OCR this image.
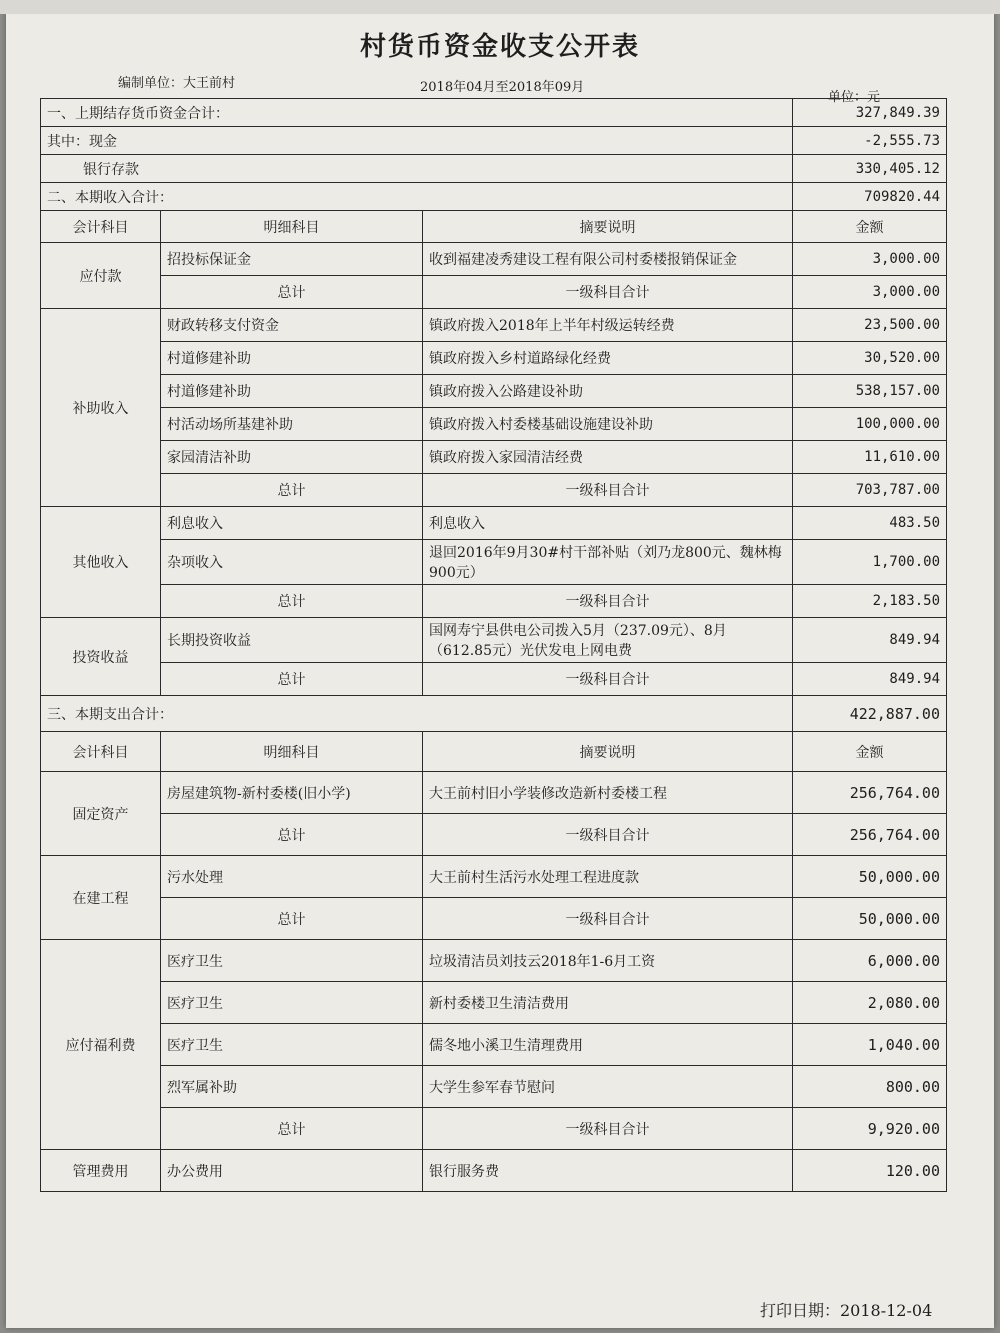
村货币资金收支公开表
编制单位：大王前村	2018年04月至2018年09月
单位：元
一、上期结存货币资金合计：			327,849.39
其中：现金			-2,555.73
银行存款			330,405.12
二、本期收入合计：			709820.44
会计科目	明细科目	摘要说明	金额
应付款	招投标保证金	收到福建凌秀建设工程有限公司村委楼报销保证金	3,000.00
	总计	一级科目合计	3,000.00
补助收入	财政转移支付资金	镇政府拨入2018年上半年村级运转经费	23,500.00
	村道修建补助	镇政府拨入乡村道路绿化经费	30,520.00
	村道修建补助	镇政府拨入公路建设补助	538,157.00
	村活动场所基建补助	镇政府拨入村委楼基础设施建设补助	100,000.00
	家园清洁补助	镇政府拨入家园清洁经费	11,610.00
	总计	一级科目合计	703,787.00
其他收入	利息收入	利息收入	483.50
	杂项收入	退回2016年9月30#村干部补贴（刘乃龙800元、魏林梅900元）	1,700.00
	总计	一级科目合计	2,183.50
投资收益	长期投资收益	国网寿宁县供电公司拨入5月（237.09元）、8月（612.85元）光伏发电上网电费	849.94
	总计	一级科目合计	849.94
三、本期支出合计：			422,887.00
会计科目	明细科目	摘要说明	金额
固定资产	房屋建筑物-新村委楼(旧小学)	大王前村旧小学装修改造新村委楼工程	256,764.00
	总计	一级科目合计	256,764.00
在建工程	污水处理	大王前村生活污水处理工程进度款	50,000.00
	总计	一级科目合计	50,000.00
应付福利费	医疗卫生	垃圾清洁员刘技云2018年1-6月工资	6,000.00
	医疗卫生	新村委楼卫生清洁费用	2,080.00
	医疗卫生	儒冬地小溪卫生清理费用	1,040.00
	烈军属补助	大学生参军春节慰问	800.00
	总计	一级科目合计	9,920.00
管理费用	办公费用	银行服务费	120.00
打印日期：2018-12-04
